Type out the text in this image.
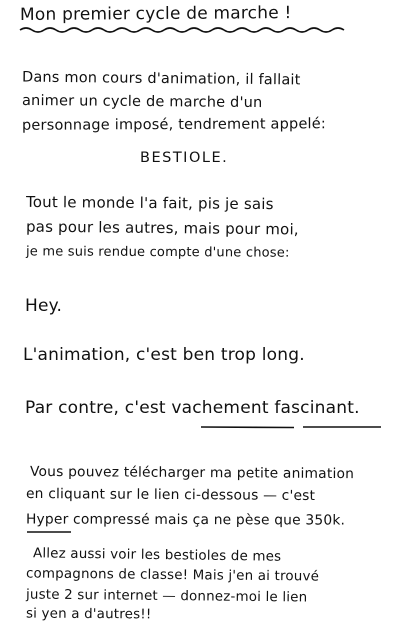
Mon premier cycle de marche !
Dans mon cours d'animation, il fallait
animer un cycle de marche d'un
personnage imposé, tendrement appelé:
BESTIOLE.
Tout le monde l'a fait, pis je sais
pas pour les autres, mais pour moi,
je me suis rendue compte d'une chose:
Hey.
L'animation, c'est ben trop long.
Par contre, c'est vachement fascinant.
Vous pouvez télécharger ma petite animation
en cliquant sur le lien ci-dessous — c'est
Hyper compressé mais ça ne pèse que 350k.
Allez aussi voir les bestioles de mes
compagnons de classe! Mais j'en ai trouvé
juste 2 sur internet — donnez-moi le lien
si yen a d'autres!!
